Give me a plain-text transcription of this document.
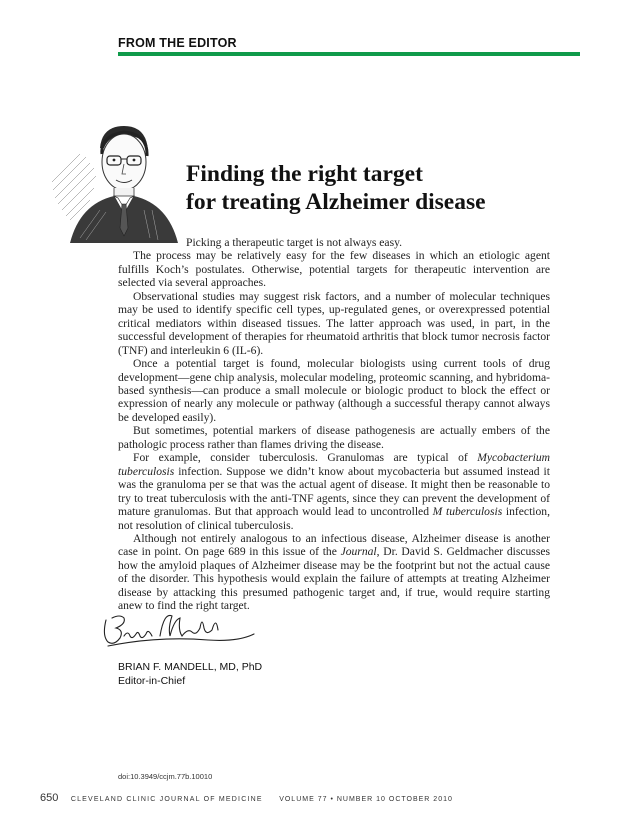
FROM THE EDITOR
Finding the right target
for treating Alzheimer disease

Picking a therapeutic target is not always easy.

The process may be relatively easy for the few diseases in which an etiologic agent fulfills Koch’s postulates. Otherwise, potential targets for therapeutic intervention are selected via several approaches.

Observational studies may suggest risk factors, and a number of molecular techniques may be used to identify specific cell types, up-regulated genes, or overexpressed potential critical mediators within diseased tissues. The latter approach was used, in part, in the successful development of therapies for rheumatoid arthritis that block tumor necrosis factor (TNF) and interleukin 6 (IL-6).

Once a potential target is found, molecular biologists using current tools of drug development—gene chip analysis, molecular modeling, proteomic scanning, and hybridoma-based synthesis—can produce a small molecule or biologic product to block the effect or expression of nearly any molecule or pathway (although a successful therapy cannot always be developed easily).

But sometimes, potential markers of disease pathogenesis are actually embers of the pathologic process rather than flames driving the disease.

For example, consider tuberculosis. Granulomas are typical of Mycobacterium tuberculosis infection. Suppose we didn’t know about mycobacteria but assumed instead it was the granuloma per se that was the actual agent of disease. It might then be reasonable to try to treat tuberculosis with the anti-TNF agents, since they can prevent the development of mature granulomas. But that approach would lead to uncontrolled M tuberculosis infection, not resolution of clinical tuberculosis.

Although not entirely analogous to an infectious disease, Alzheimer disease is another case in point. On page 689 in this issue of the Journal, Dr. David S. Geldmacher discusses how the amyloid plaques of Alzheimer disease may be the footprint but not the actual cause of the disorder. This hypothesis would explain the failure of attempts at treating Alzheimer disease by attacking this presumed pathogenic target and, if true, would require starting anew to find the right target.

BRIAN F. MANDELL, MD, PhD
Editor-in-Chief
doi:10.3949/ccjm.77b.10010
650 CLEVELAND CLINIC JOURNAL OF MEDICINE VOLUME 77 • NUMBER 10 OCTOBER 2010
